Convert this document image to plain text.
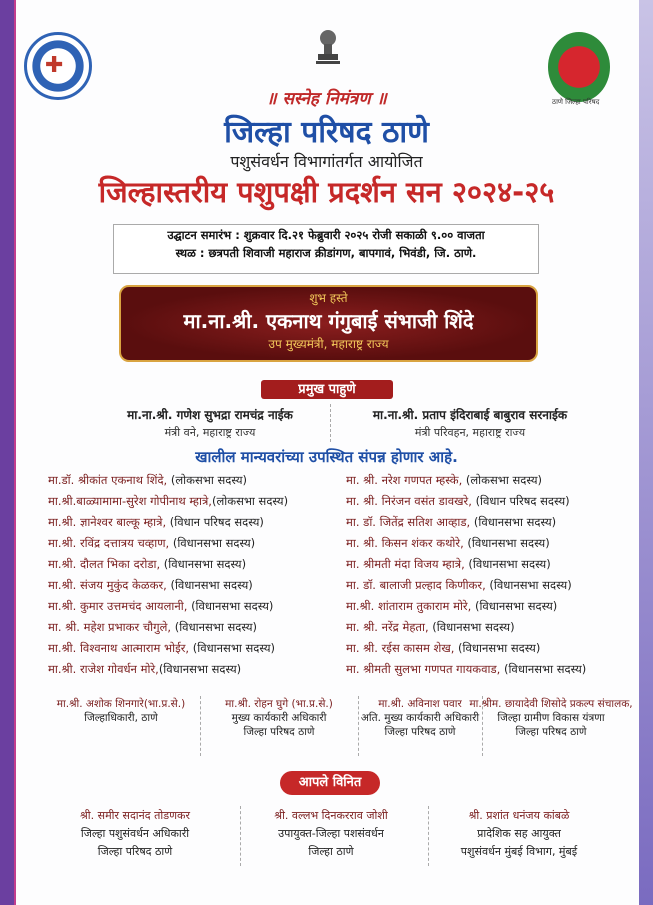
✚
ठाणे जिल्हा परिषद
॥ सस्नेह निमंत्रण ॥
जिल्हा परिषद ठाणे
पशुसंवर्धन विभागांतर्गत आयोजित
जिल्हास्तरीय पशुपक्षी प्रदर्शन सन २०२४-२५
उद्घाटन समारंभ : शुक्रवार दि.२१ फेब्रुवारी २०२५ रोजी सकाळी ९.०० वाजता
स्थळ : छत्रपती शिवाजी महाराज क्रीडांगण, बापगावं, भिवंडी, जि. ठाणे.
शुभ हस्ते
मा.ना.श्री. एकनाथ गंगुबाई संभाजी शिंदे
उप मुख्यमंत्री, महाराष्ट्र राज्य
प्रमुख पाहुणे
मा.ना.श्री. गणेश सुभद्रा रामचंद्र नाईक
मंत्री वने, महाराष्ट्र राज्य
मा.ना.श्री. प्रताप इंदिराबाई बाबुराव सरनाईक
मंत्री परिवहन, महाराष्ट्र राज्य
खालील मान्यवरांच्या उपस्थित संपन्न होणार आहे.
मा.डॉ. श्रीकांत एकनाथ शिंदे, (लोकसभा सदस्य)
मा.श्री.बाळ्यामामा-सुरेश गोपीनाथ म्हात्रे,(लोकसभा सदस्य)
मा.श्री. ज्ञानेश्वर बाल्कू म्हात्रे, (विधान परिषद सदस्य)
मा.श्री. रविंद्र दत्तात्रय चव्हाण, (विधानसभा सदस्य)
मा.श्री. दौलत भिका दरोडा, (विधानसभा सदस्य)
मा.श्री. संजय मुकुंद केळकर, (विधानसभा सदस्य)
मा.श्री. कुमार उत्तमचंद आयलानी, (विधानसभा सदस्य)
मा. श्री. महेश प्रभाकर चौगुले, (विधानसभा सदस्य)
मा.श्री. विश्वनाथ आत्माराम भोईर, (विधानसभा सदस्य)
मा.श्री. राजेश गोवर्धन मोरे,(विधानसभा सदस्य)
मा. श्री. नरेश गणपत म्हस्के, (लोकसभा सदस्य)
मा. श्री. निरंजन वसंत डावखरे, (विधान परिषद सदस्य)
मा. डॉ. जितेंद्र सतिश आव्हाड, (विधानसभा सदस्य)
मा. श्री. किसन शंकर कथोरे, (विधानसभा सदस्य)
मा. श्रीमती मंदा विजय म्हात्रे, (विधानसभा सदस्य)
मा. डॉ. बालाजी प्रल्हाद किणीकर, (विधानसभा सदस्य)
मा.श्री. शांताराम तुकाराम मोरे, (विधानसभा सदस्य)
मा. श्री. नरेंद्र मेहता, (विधानसभा सदस्य)
मा. श्री. रईस कासम शेख, (विधानसभा सदस्य)
मा. श्रीमती सुलभा गणपत गायकवाड, (विधानसभा सदस्य)
मा.श्री. अशोक शिनगारे(भा.प्र.से.)
जिल्हाधिकारी, ठाणे
मा.श्री. रोहन घुगे (भा.प्र.से.)
मुख्य कार्यकारी अधिकारी
जिल्हा परिषद ठाणे
मा.श्री. अविनाश पवार
अति. मुख्य कार्यकारी अधिकारी
जिल्हा परिषद ठाणे
मा.श्रीम. छायादेवी शिसोदे प्रकल्प संचालक,
जिल्हा ग्रामीण विकास यंत्रणा
जिल्हा परिषद ठाणे
आपले विनित
श्री. समीर सदानंद तोडणकर
जिल्हा पशुसंवर्धन अधिकारी
जिल्हा परिषद ठाणे
श्री. वल्लभ दिनकरराव जोशी
उपायुक्त-जिल्हा पशसंवर्धन
जिल्हा ठाणे
श्री. प्रशांत धनंजय कांबळे
प्रादेशिक सह आयुक्त
पशुसंवर्धन मुंबई विभाग, मुंबई
